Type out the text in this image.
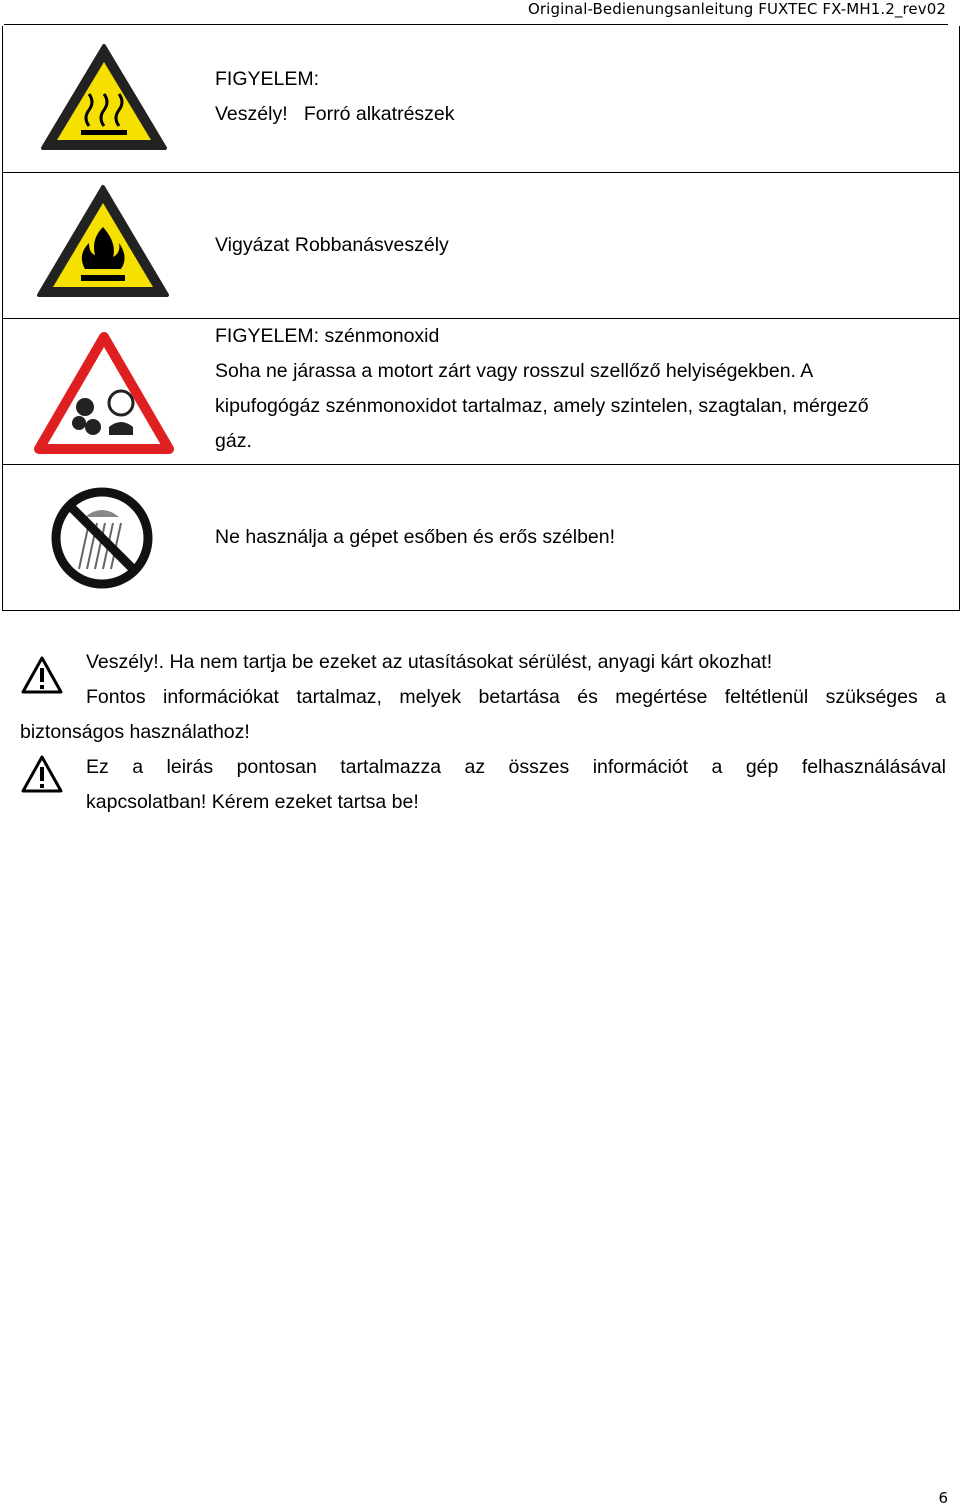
Original-Bedienungsanleitung FUXTEC FX-MH1.2_rev02
FIGYELEM:
Veszély!   Forró alkatrészek
Vigyázat Robbanásveszély
FIGYELEM: szénmonoxid
Soha ne járassa a motort zárt vagy rosszul szellőző helyiségekben. A
kipufogógáz szénmonoxidot tartalmaz, amely szintelen, szagtalan, mérgező
gáz.
Ne használja a gépet esőben és erős szélben!
Veszély!. Ha nem tartja be ezeket az utasításokat sérülést, anyagi kárt okozhat!
Fontos információkat tartalmaz, melyek betartása és megértése feltétlenül szükséges a
biztonságos használathoz!
Ez a leirás pontosan tartalmazza az összes információt a gép felhasználásával
kapcsolatban! Kérem ezeket tartsa be!
6
